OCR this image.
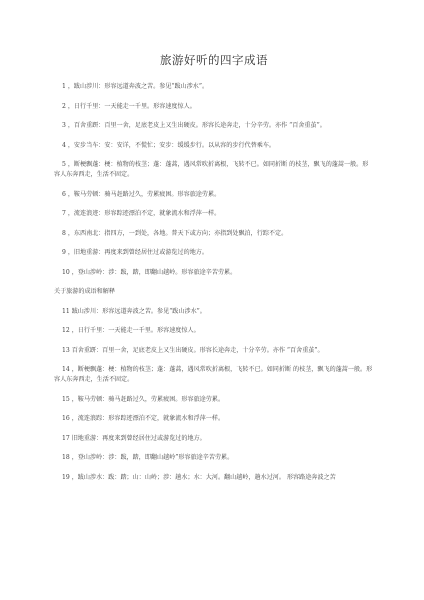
旅游好听的四字成语
1 ，跋山涉川：形容远道奔波之苦。参见“跋山涉水”。
2 ，日行千里：一天能走一千里。形容速度惊人。
3 ，百舍重趼：百里一舍，足底老皮上又生出硬皮。形容长途奔走，十分辛劳。亦作 “百舍重茧”。
4 ，安步当车：安：安详，不慌忙；安步：缓缓步行。以从容的步行代替乘车。
5 ，断梗飘蓬：梗：植物的枝茎；蓬：蓬蒿，遇风常吹折离根，飞转不已。如同折断 的枝茎，飘飞的蓬蒿一般。形容人东奔西走，生活不固定。
6 ，鞍马劳顿：骑马赶路过久，劳累疲困。形容旅途劳累。
7 ，流连浪迹：形容踪迹漂泊不定，就象流水和浮萍一样。
8 ，东西南北：指四方，一到处，各地。普天下或方向；亦指到处飘泊，行踪不定。
9 ，旧地重游：再度来到曾经居住过或游览过的地方。
10 ，登山涉岭：涉：跋，踏，即翻山越岭。形容旅途辛苦劳累。
关于旅游的成语和解释
11 跋山涉川：形容远道奔波之苦。参见“跋山涉水”。
12 ，日行千里：一天能走一千里。形容速度惊人。
13 百舍重趼：百里一舍，足底老皮上又生出硬皮。形容长途奔走，十分辛劳。亦作 “百舍重茧”。
14 ，断梗飘蓬：梗：植物的枝茎；蓬：蓬蒿，遇风常吹折离根，飞转不已。如同折断 的枝茎，飘飞的蓬蒿一般。形容人东奔西走，生活不固定。
15 ，鞍马劳顿：骑马赶路过久，劳累疲困。形容旅途劳累。
16 ，流连浪踪：形容踪迹漂泊不定，就象流水和浮萍一样。
17 旧地重游：再度来到曾经居住过或游览过的地方。
18 ，登山涉岭：涉：跋，踏，即翻山越岭”形容旅途辛苦劳累。
19 ，跋山涉水：跋：踏；山：山岭；涉：趟水；水：大河。翻山越岭，趟水过河。 形容路途奔波之苦
